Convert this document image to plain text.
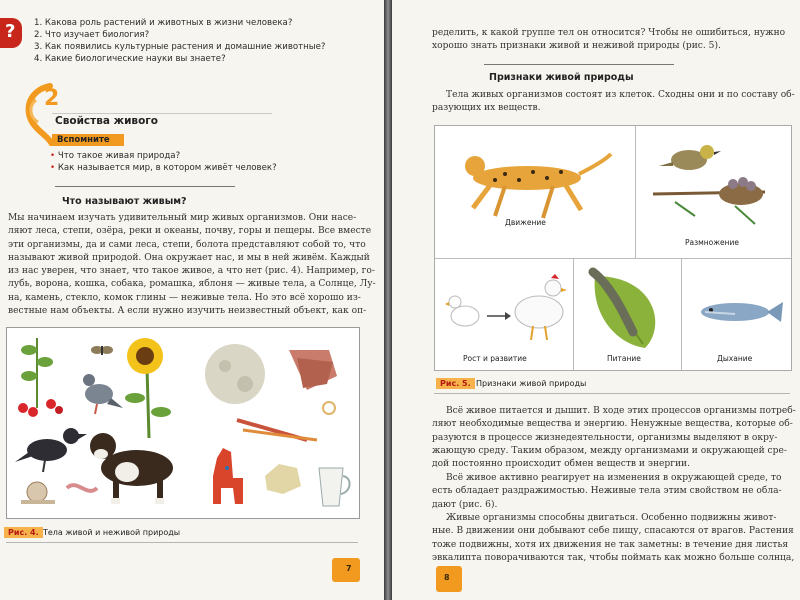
? 1. Какова роль растений и животных в жизни человека?
2. Что изучает биология?
3. Как появились культурные растения и домашние животные?
4. Какие биологические науки вы знаете?
2
Свойства живого
Вспомните
• Что такое живая природа?
• Как называется мир, в котором живёт человек?
Что называют живым?
Мы начинаем изучать удивительный мир живых организмов. Они насе-
ляют леса, степи, озёра, реки и океаны, почву, горы и пещеры. Все вместе
эти организмы, да и сами леса, степи, болота представляют собой то, что
называют живой природой. Она окружает нас, и мы в ней живём. Каждый
из нас уверен, что знает, что такое живое, а что нет (рис. 4). Например, го-
лубь, ворона, кошка, собака, ромашка, яблоня — живые тела, а Солнце, Лу-
на, камень, стекло, комок глины — неживые тела. Но это всё хорошо из-
вестные нам объекты. А если нужно изучить неизвестный объект, как оп-
Рис. 4. Тела живой и неживой природы
7
ределить, к какой группе тел он относится? Чтобы не ошибиться, нужно
хорошо знать признаки живой и неживой природы (рис. 5).
Признаки живой природы
Тела живых организмов состоят из клеток. Сходны они и по составу об-
разующих их веществ.
Движение
Размножение
Рост и развитие	Питание	Дыхание
Рис. 5. Признаки живой природы
Всё живое питается и дышит. В ходе этих процессов организмы потреб-
ляют необходимые вещества и энергию. Ненужные вещества, которые об-
разуются в процессе жизнедеятельности, организмы выделяют в окру-
жающую среду. Таким образом, между организмами и окружающей сре-
дой постоянно происходит обмен веществ и энергии.
Всё живое активно реагирует на изменения в окружающей среде, то
есть обладает раздражимостью. Неживые тела этим свойством не обла-
дают (рис. 6).
Живые организмы способны двигаться. Особенно подвижны живот-
ные. В движении они добывают себе пищу, спасаются от врагов. Растения
тоже подвижны, хотя их движения не так заметны: в течение дня листья
эвкалипта поворачиваются так, чтобы поймать как можно больше солнца,
8
